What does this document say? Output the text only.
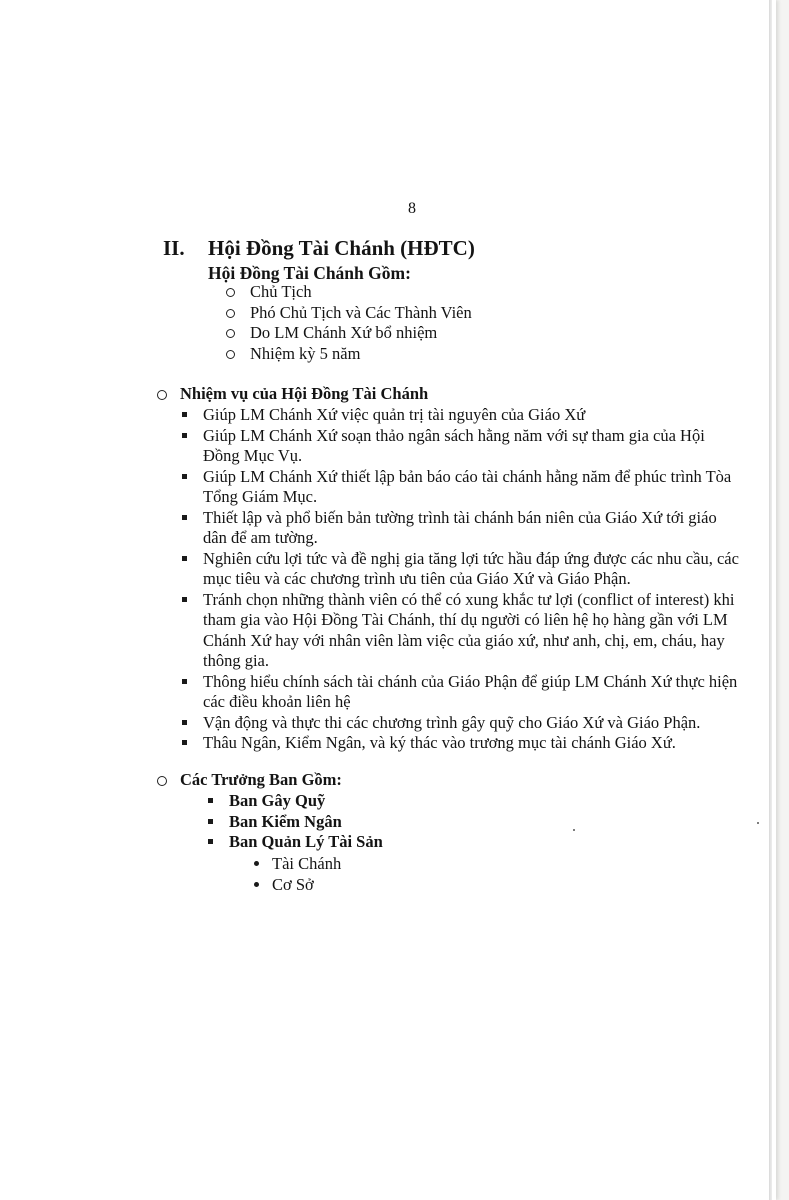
8
II. Hội Đồng Tài Chánh (HĐTC)
Hội Đồng Tài Chánh Gồm:
Chủ Tịch
Phó Chủ Tịch và Các Thành Viên
Do LM Chánh Xứ bổ nhiệm
Nhiệm kỳ 5 năm
Nhiệm vụ của Hội Đồng Tài Chánh
Giúp LM Chánh Xứ việc quản trị tài nguyên của Giáo Xứ
Giúp LM Chánh Xứ soạn thảo ngân sách hằng năm với sự tham gia của Hội Đồng Mục Vụ.
Giúp LM Chánh Xứ thiết lập bản báo cáo tài chánh hằng năm để phúc trình Tòa Tổng Giám Mục.
Thiết lập và phổ biến bản tường trình tài chánh bán niên của Giáo Xứ tới giáo dân để am tường.
Nghiên cứu lợi tức và đề nghị gia tăng lợi tức hầu đáp ứng được các nhu cầu, các mục tiêu và các chương trình ưu tiên của Giáo Xứ và Giáo Phận.
Tránh chọn những thành viên có thể có xung khắc tư lợi (conflict of interest) khi tham gia vào Hội Đồng Tài Chánh, thí dụ người có liên hệ họ hàng gần với LM Chánh Xứ hay với nhân viên làm việc của giáo xứ, như anh, chị, em, cháu, hay thông gia.
Thông hiểu chính sách tài chánh của Giáo Phận để giúp LM Chánh Xứ thực hiện các điều khoản liên hệ
Vận động và thực thi các chương trình gây quỹ cho Giáo Xứ và Giáo Phận.
Thâu Ngân, Kiểm Ngân, và ký thác vào trương mục tài chánh Giáo Xứ.
Các Trưởng Ban Gồm:
Ban Gây Quỹ
Ban Kiểm Ngân
Ban Quản Lý Tài Sản
Tài Chánh
Cơ Sở
